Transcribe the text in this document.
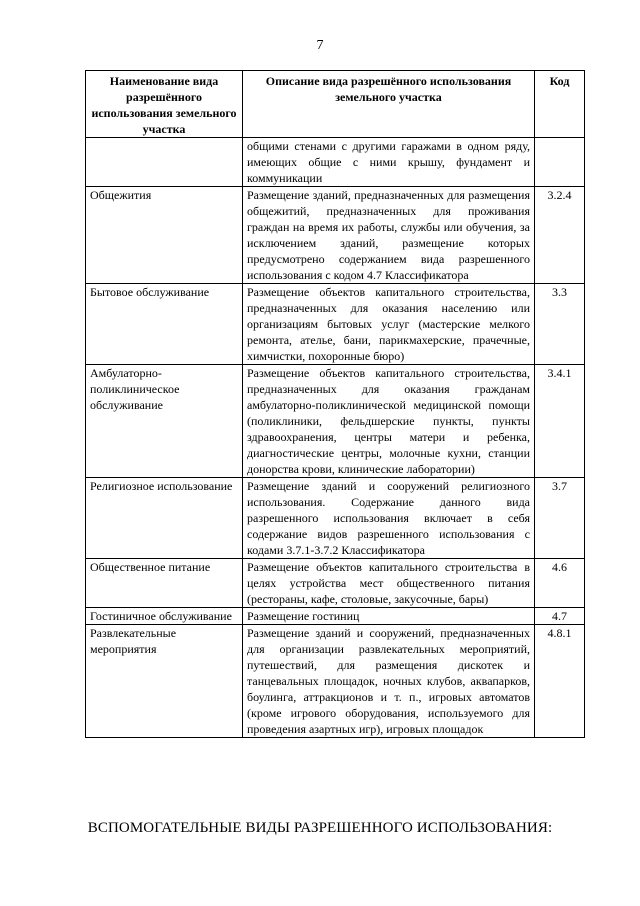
7
Наименование вида разрешённого использования земельного участка	Описание вида разрешённого использования земельного участка	Код
	общими стенами с другими гаражами в одном ряду, имеющих общие с ними крышу, фундамент и коммуникации	
Общежития	Размещение зданий, предназначенных для размещения общежитий, предназначенных для проживания граждан на время их работы, службы или обучения, за исключением зданий, размещение которых предусмотрено содержанием вида разрешенного использования с кодом 4.7 Классификатора	3.2.4
Бытовое обслуживание	Размещение объектов капитального строительства, предназначенных для оказания населению или организациям бытовых услуг (мастерские мелкого ремонта, ателье, бани, парикмахерские, прачечные, химчистки, похоронные бюро)	3.3
Амбулаторно-поликлиническое обслуживание	Размещение объектов капитального строительства, предназначенных для оказания гражданам амбулаторно-поликлинической медицинской помощи (поликлиники, фельдшерские пункты, пункты здравоохранения, центры матери и ребенка, диагностические центры, молочные кухни, станции донорства крови, клинические лаборатории)	3.4.1
Религиозное использование	Размещение зданий и сооружений религиозного использования. Содержание данного вида разрешенного использования включает в себя содержание видов разрешенного использования с кодами 3.7.1-3.7.2 Классификатора	3.7
Общественное питание	Размещение объектов капитального строительства в целях устройства мест общественного питания (рестораны, кафе, столовые, закусочные, бары)	4.6
Гостиничное обслуживание	Размещение гостиниц	4.7
Развлекательные мероприятия	Размещение зданий и сооружений, предназначенных для организации развлекательных мероприятий, путешествий, для размещения дискотек и танцевальных площадок, ночных клубов, аквапарков, боулинга, аттракционов и т. п., игровых автоматов (кроме игрового оборудования, используемого для проведения азартных игр), игровых площадок	4.8.1
ВСПОМОГАТЕЛЬНЫЕ ВИДЫ РАЗРЕШЕННОГО ИСПОЛЬЗОВАНИЯ:
